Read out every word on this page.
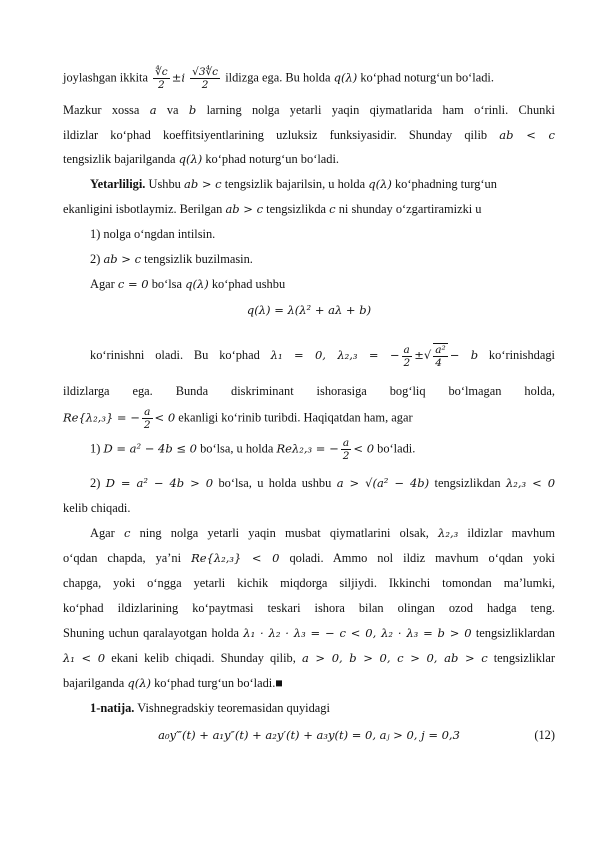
joylashgan ikkita $\frac{∜c}{2} \pm i \frac{√3∜c}{2}$ ildizga ega. Bu holda q(λ) ko‘phad noturg‘un bo‘ladi.
Mazkur xossa a va b larning nolga yetarli yaqin qiymatlarida ham o‘rinli. Chunki
ildizlar ko‘phad koeffitsiyentlarining uzluksiz funksiyasidir. Shunday qilib ab < c
tengsizlik bajarilganda q(λ) ko‘phad noturg‘un bo‘ladi.
Yetarliligi. Ushbu ab > c tengsizlik bajarilsin, u holda q(λ) ko‘phadning turg‘un
ekanligini isbotlaymiz. Berilgan ab > c tengsizlikda c ni shunday o‘zgartiramizki u
1) nolga o‘ngdan intilsin.
2) ab > c tengsizlik buzilmasin.
Agar c = 0 bo‘lsa q(λ) ko‘phad ushbu
q(λ) = λ(λ² + aλ + b)
ko‘rinishni oladi. Bu ko‘phad λ₁ = 0, λ₂,₃ = − $\frac{a}{2}$ ±√ $\frac{\text{a²}}{4} - b$ ko‘rinishdagi
ildizlarga ega. Bunda diskriminant ishorasiga bog‘liq bo‘lmagan holda,
Re{λ₂,₃} = − $\frac{a}{2} < 0$ ekanligi ko‘rinib turibdi. Haqiqatdan ham, agar
1) D = a² − 4b ≤ 0 bo‘lsa, u holda Reλ₂,₃ = − $\frac{a}{2} < 0$ bo‘ladi.
2) D = a² − 4b > 0 bo‘lsa, u holda ushbu a > √(a² − 4b) tengsizlikdan λ₂,₃ < 0
kelib chiqadi.
Agar c ning nolga yetarli yaqin musbat qiymatlarini olsak, λ₂,₃ ildizlar mavhum
o‘qdan chapda, ya’ni Re{λ₂,₃} < 0 qoladi. Ammo nol ildiz mavhum o‘qdan yoki
chapga, yoki o‘ngga yetarli kichik miqdorga siljiydi. Ikkinchi tomondan ma’lumki,
ko‘phad ildizlarining ko‘paytmasi teskari ishora bilan olingan ozod hadga teng.
Shuning uchun qaralayotgan holda λ₁ · λ₂ · λ₃ = − c < 0, λ₂ · λ₃ = b > 0 tengsizliklardan
λ₁ < 0 ekani kelib chiqadi. Shunday qilib, a > 0, b > 0, c > 0, ab > c tengsizliklar
bajarilganda q(λ) ko‘phad turg‘un bo‘ladi.■
1-natija. Vishnegradskiy teoremasidan quyidagi
a₀y‴(t) + a₁y″(t) + a₂y′(t) + a₃y(t) = 0, aⱼ > 0, j = 0,3	(12)
